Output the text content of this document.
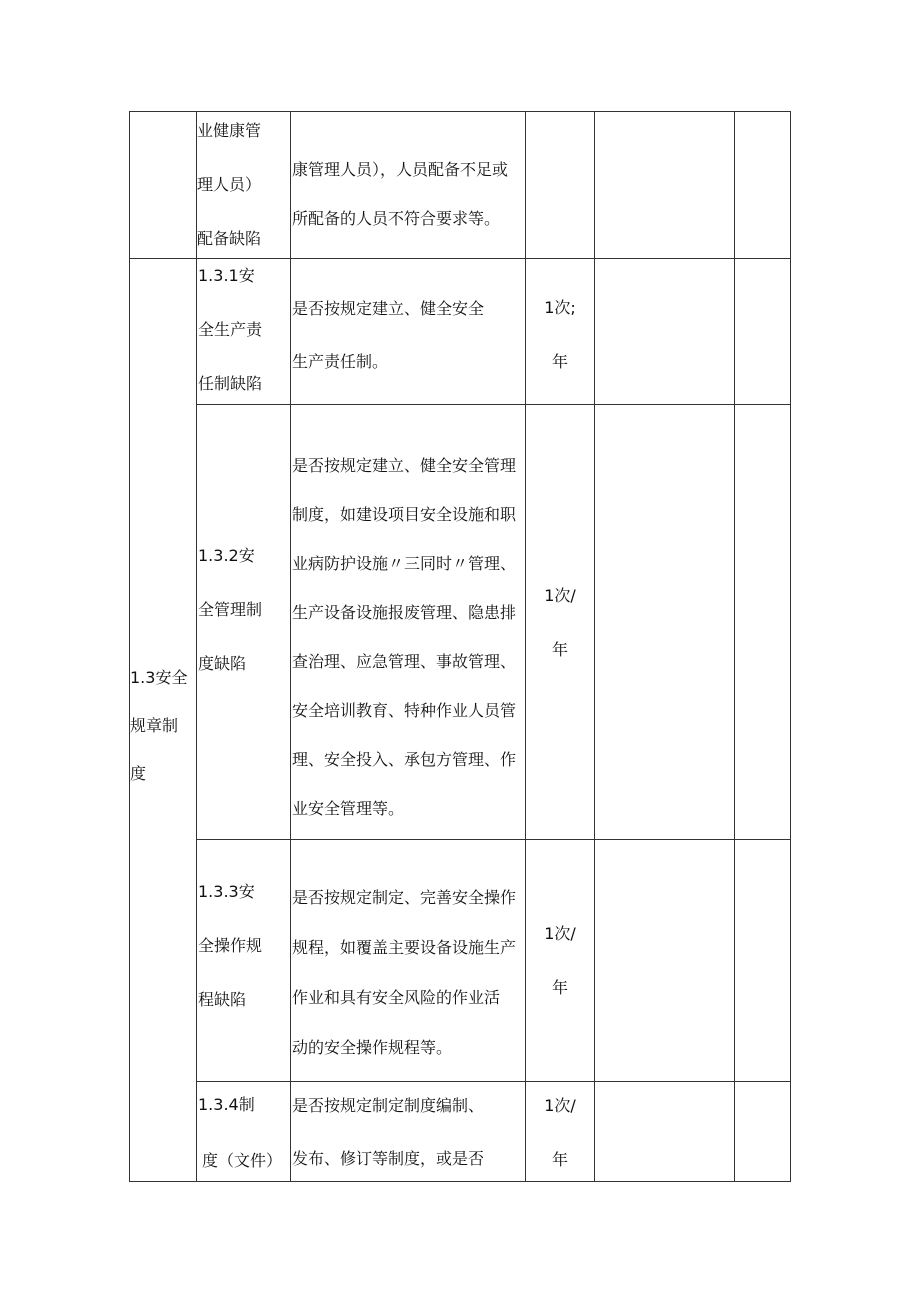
业健康管
理人员）
配备缺陷
康管理人员），人员配备不足或
所配备的人员不符合要求等。
1.3.1安
全生产责
任制缺陷
是否按规定建立、健全安全
生产责任制。
1次;
年
1.3安全
规章制
度
1.3.2安
全管理制
度缺陷
是否按规定建立、健全安全管理
制度，如建设项目安全设施和职
业病防护设施〃三同时〃管理、
生产设备设施报废管理、隐患排
查治理、应急管理、事故管理、
安全培训教育、特种作业人员管
理、安全投入、承包方管理、作
业安全管理等。
1次/
年
1.3.3安
全操作规
程缺陷
是否按规定制定、完善安全操作
规程，如覆盖主要设备设施生产
作业和具有安全风险的作业活
动的安全操作规程等。
1次/
年
1.3.4制
度（文件）
是否按规定制定制度编制、
发布、修订等制度，或是否
1次/
年
